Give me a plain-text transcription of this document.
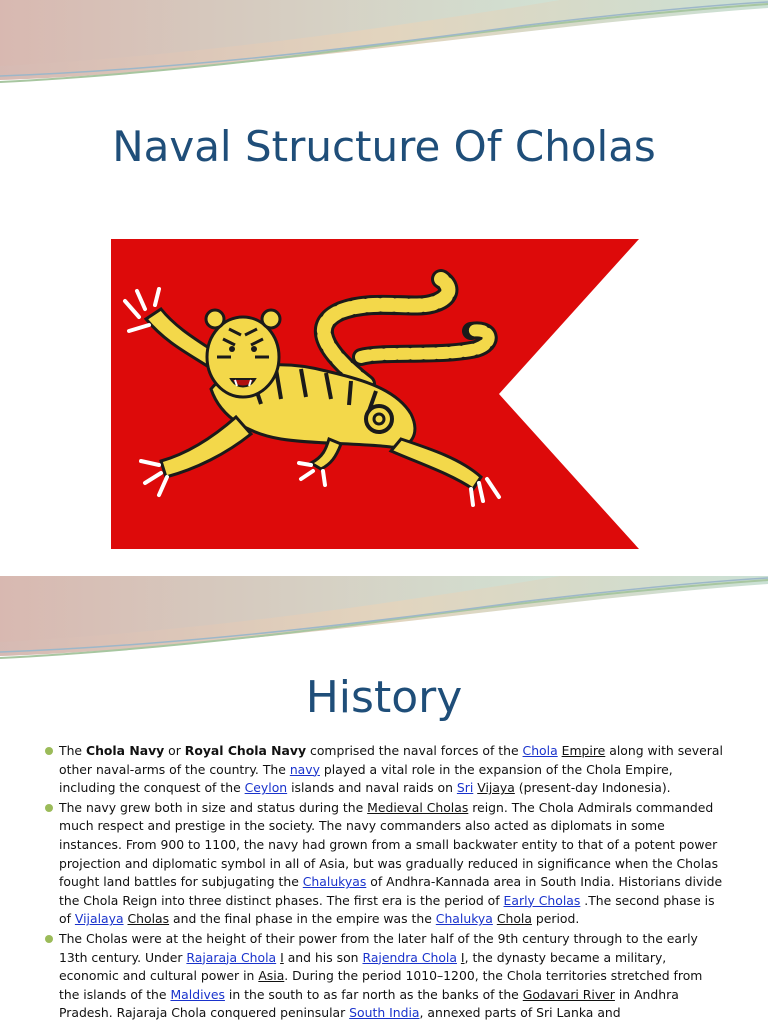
Naval Structure Of Cholas
History
The Chola Navy or Royal Chola Navy comprised the naval forces of the Chola Empire along with several other naval-arms of the country. The navy played a vital role in the expansion of the Chola Empire, including the conquest of the Ceylon islands and naval raids on Sri Vijaya (present-day Indonesia).
The navy grew both in size and status during the Medieval Cholas reign. The Chola Admirals commanded much respect and prestige in the society. The navy commanders also acted as diplomats in some instances. From 900 to 1100, the navy had grown from a small backwater entity to that of a potent power projection and diplomatic symbol in all of Asia, but was gradually reduced in significance when the Cholas fought land battles for subjugating the Chalukyas of Andhra-Kannada area in South India. Historians divide the Chola Reign into three distinct phases. The first era is the period of Early Cholas .The second phase is of Vijalaya Cholas and the final phase in the empire was the Chalukya Chola period.
The Cholas were at the height of their power from the later half of the 9th century through to the early 13th century. Under Rajaraja Chola I and his son Rajendra Chola I, the dynasty became a military, economic and cultural power in Asia. During the period 1010–1200, the Chola territories stretched from the islands of the Maldives in the south to as far north as the banks of the Godavari River in Andhra Pradesh. Rajaraja Chola conquered peninsular South India, annexed parts of Sri Lanka and
